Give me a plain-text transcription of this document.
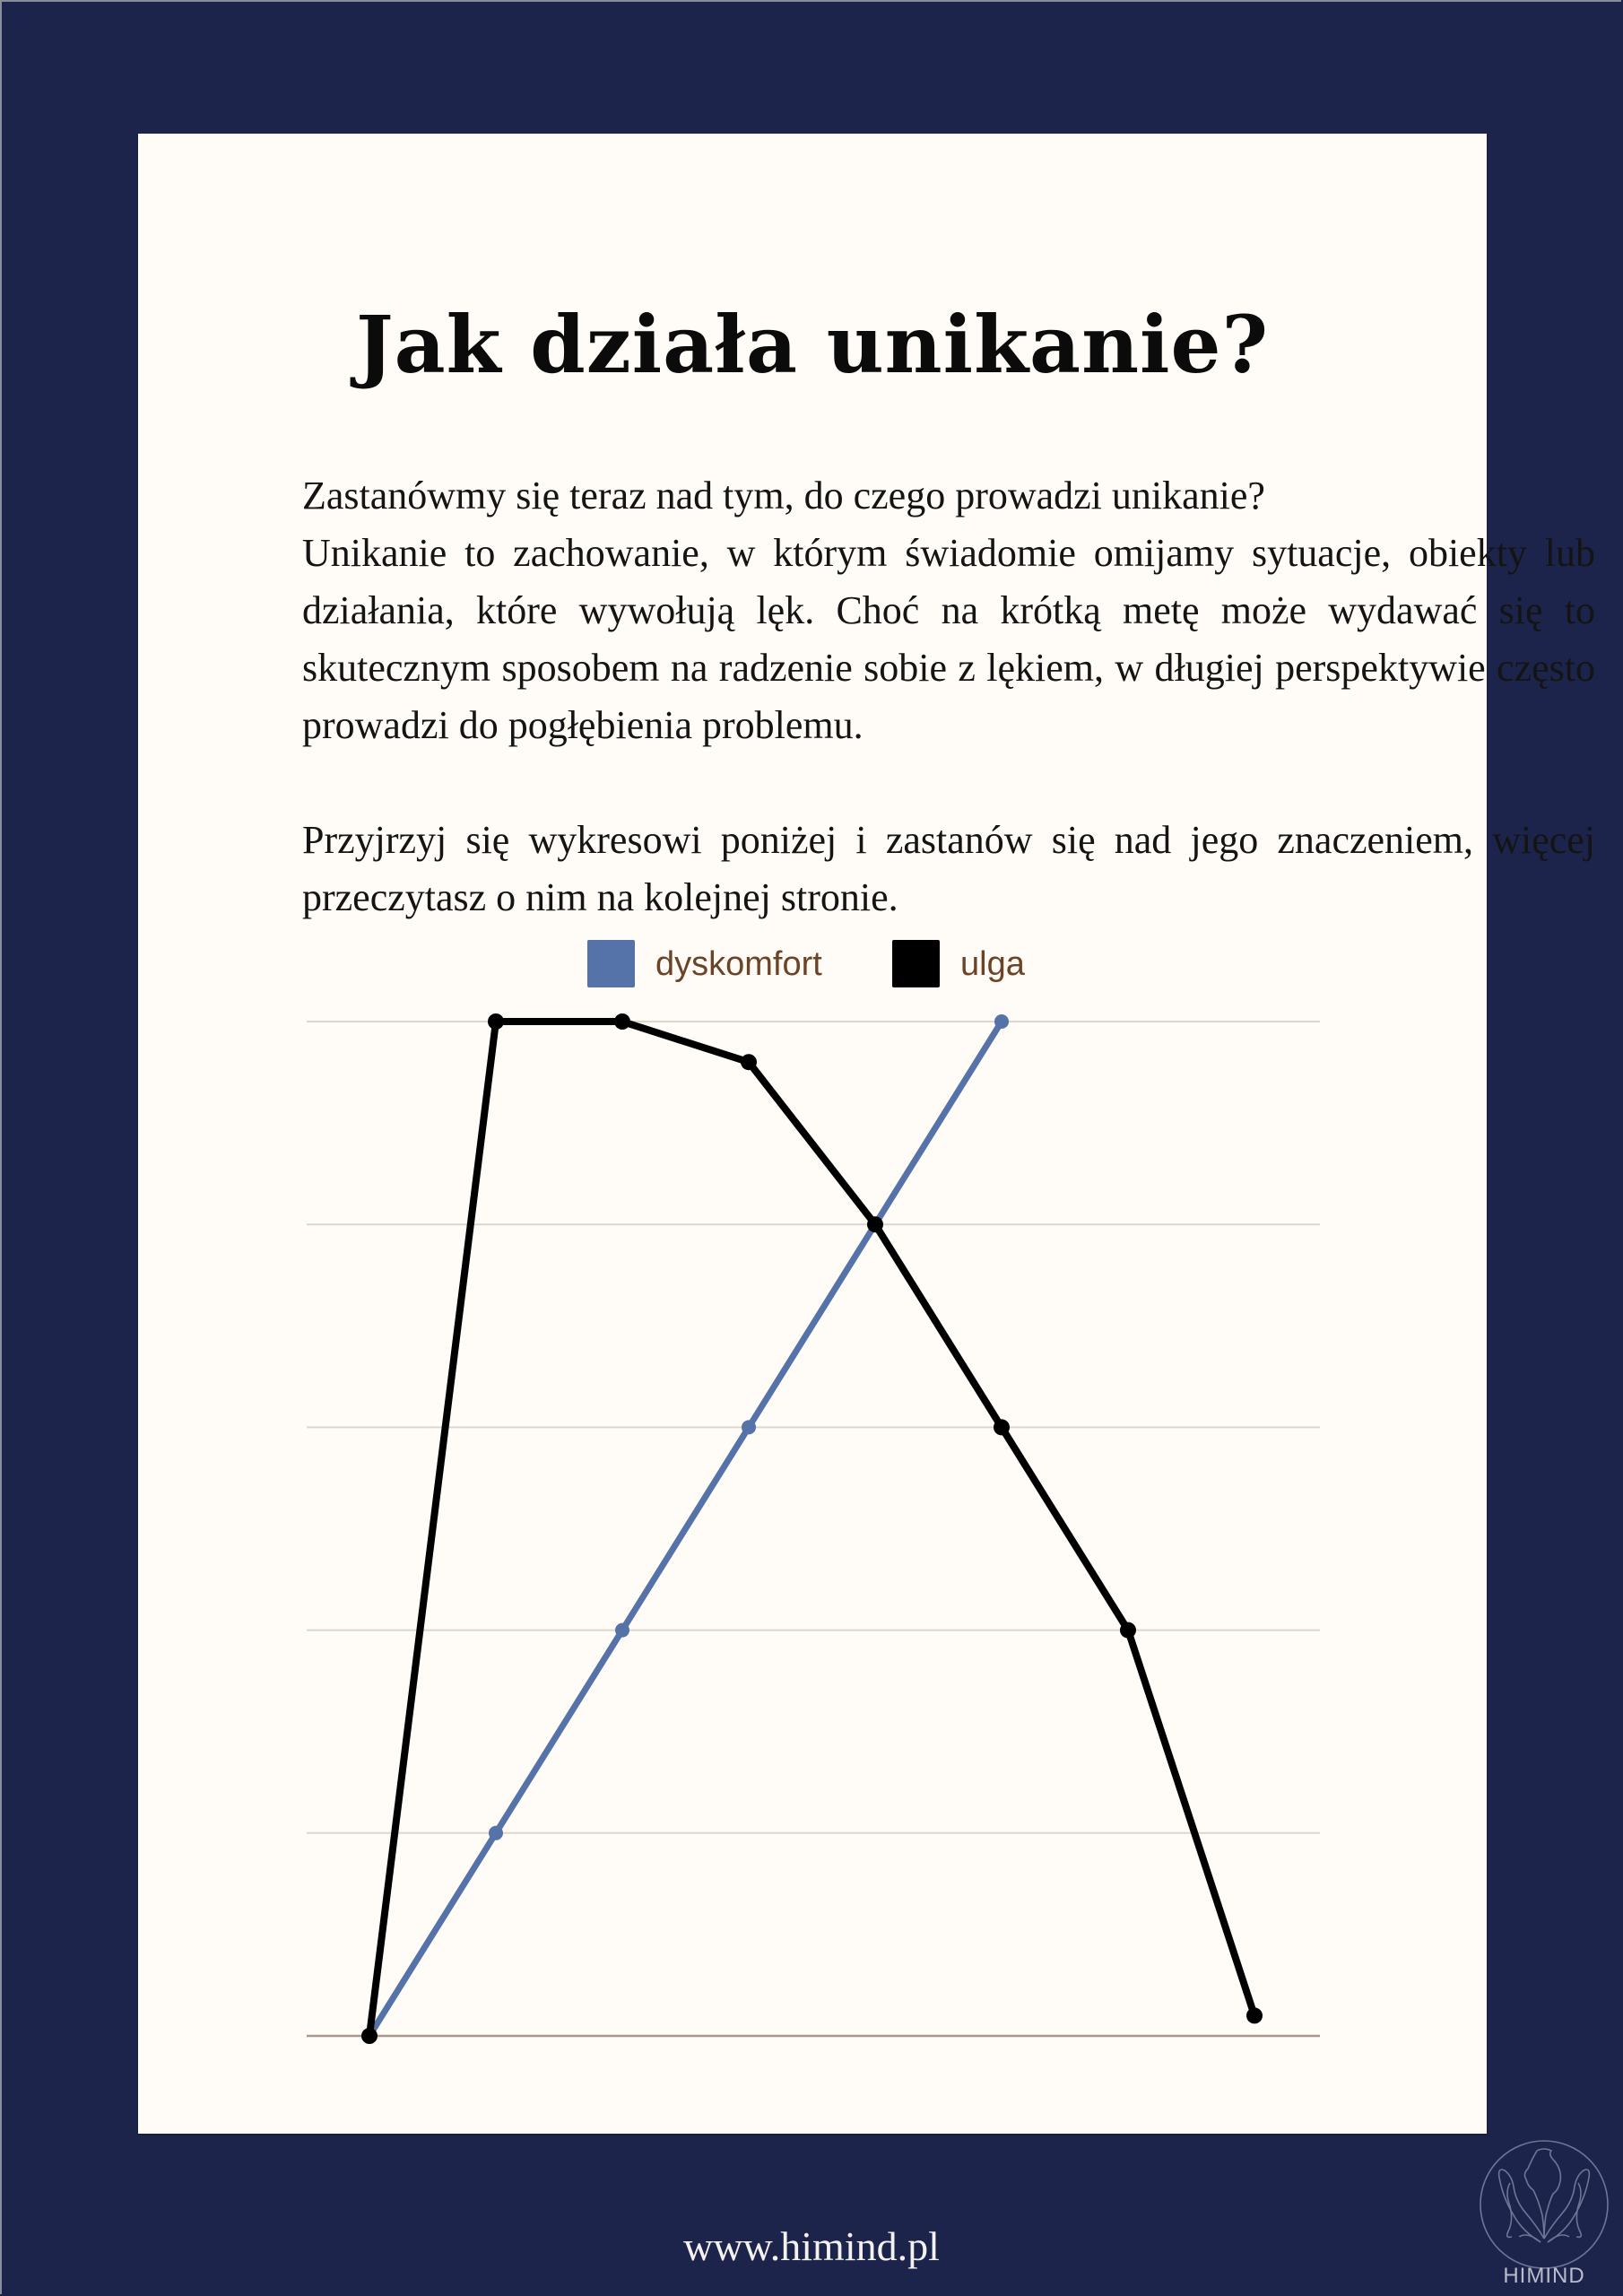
Jak działa unikanie?

Zastanówmy się teraz nad tym, do czego prowadzi unikanie?

Unikanie to zachowanie, w którym świadomie omijamy sytuacje, obiekty lub działania, które wywołują lęk. Choć na krótką metę może wydawać się to skutecznym sposobem na radzenie sobie z lękiem, w długiej perspektywie często prowadzi do pogłębienia problemu.

Przyjrzyj się wykresowi poniżej i zastanów się nad jego znaczeniem, więcej przeczytasz o nim na kolejnej stronie.

dyskomfort	ulga
www.himind.pl
HIMIND
